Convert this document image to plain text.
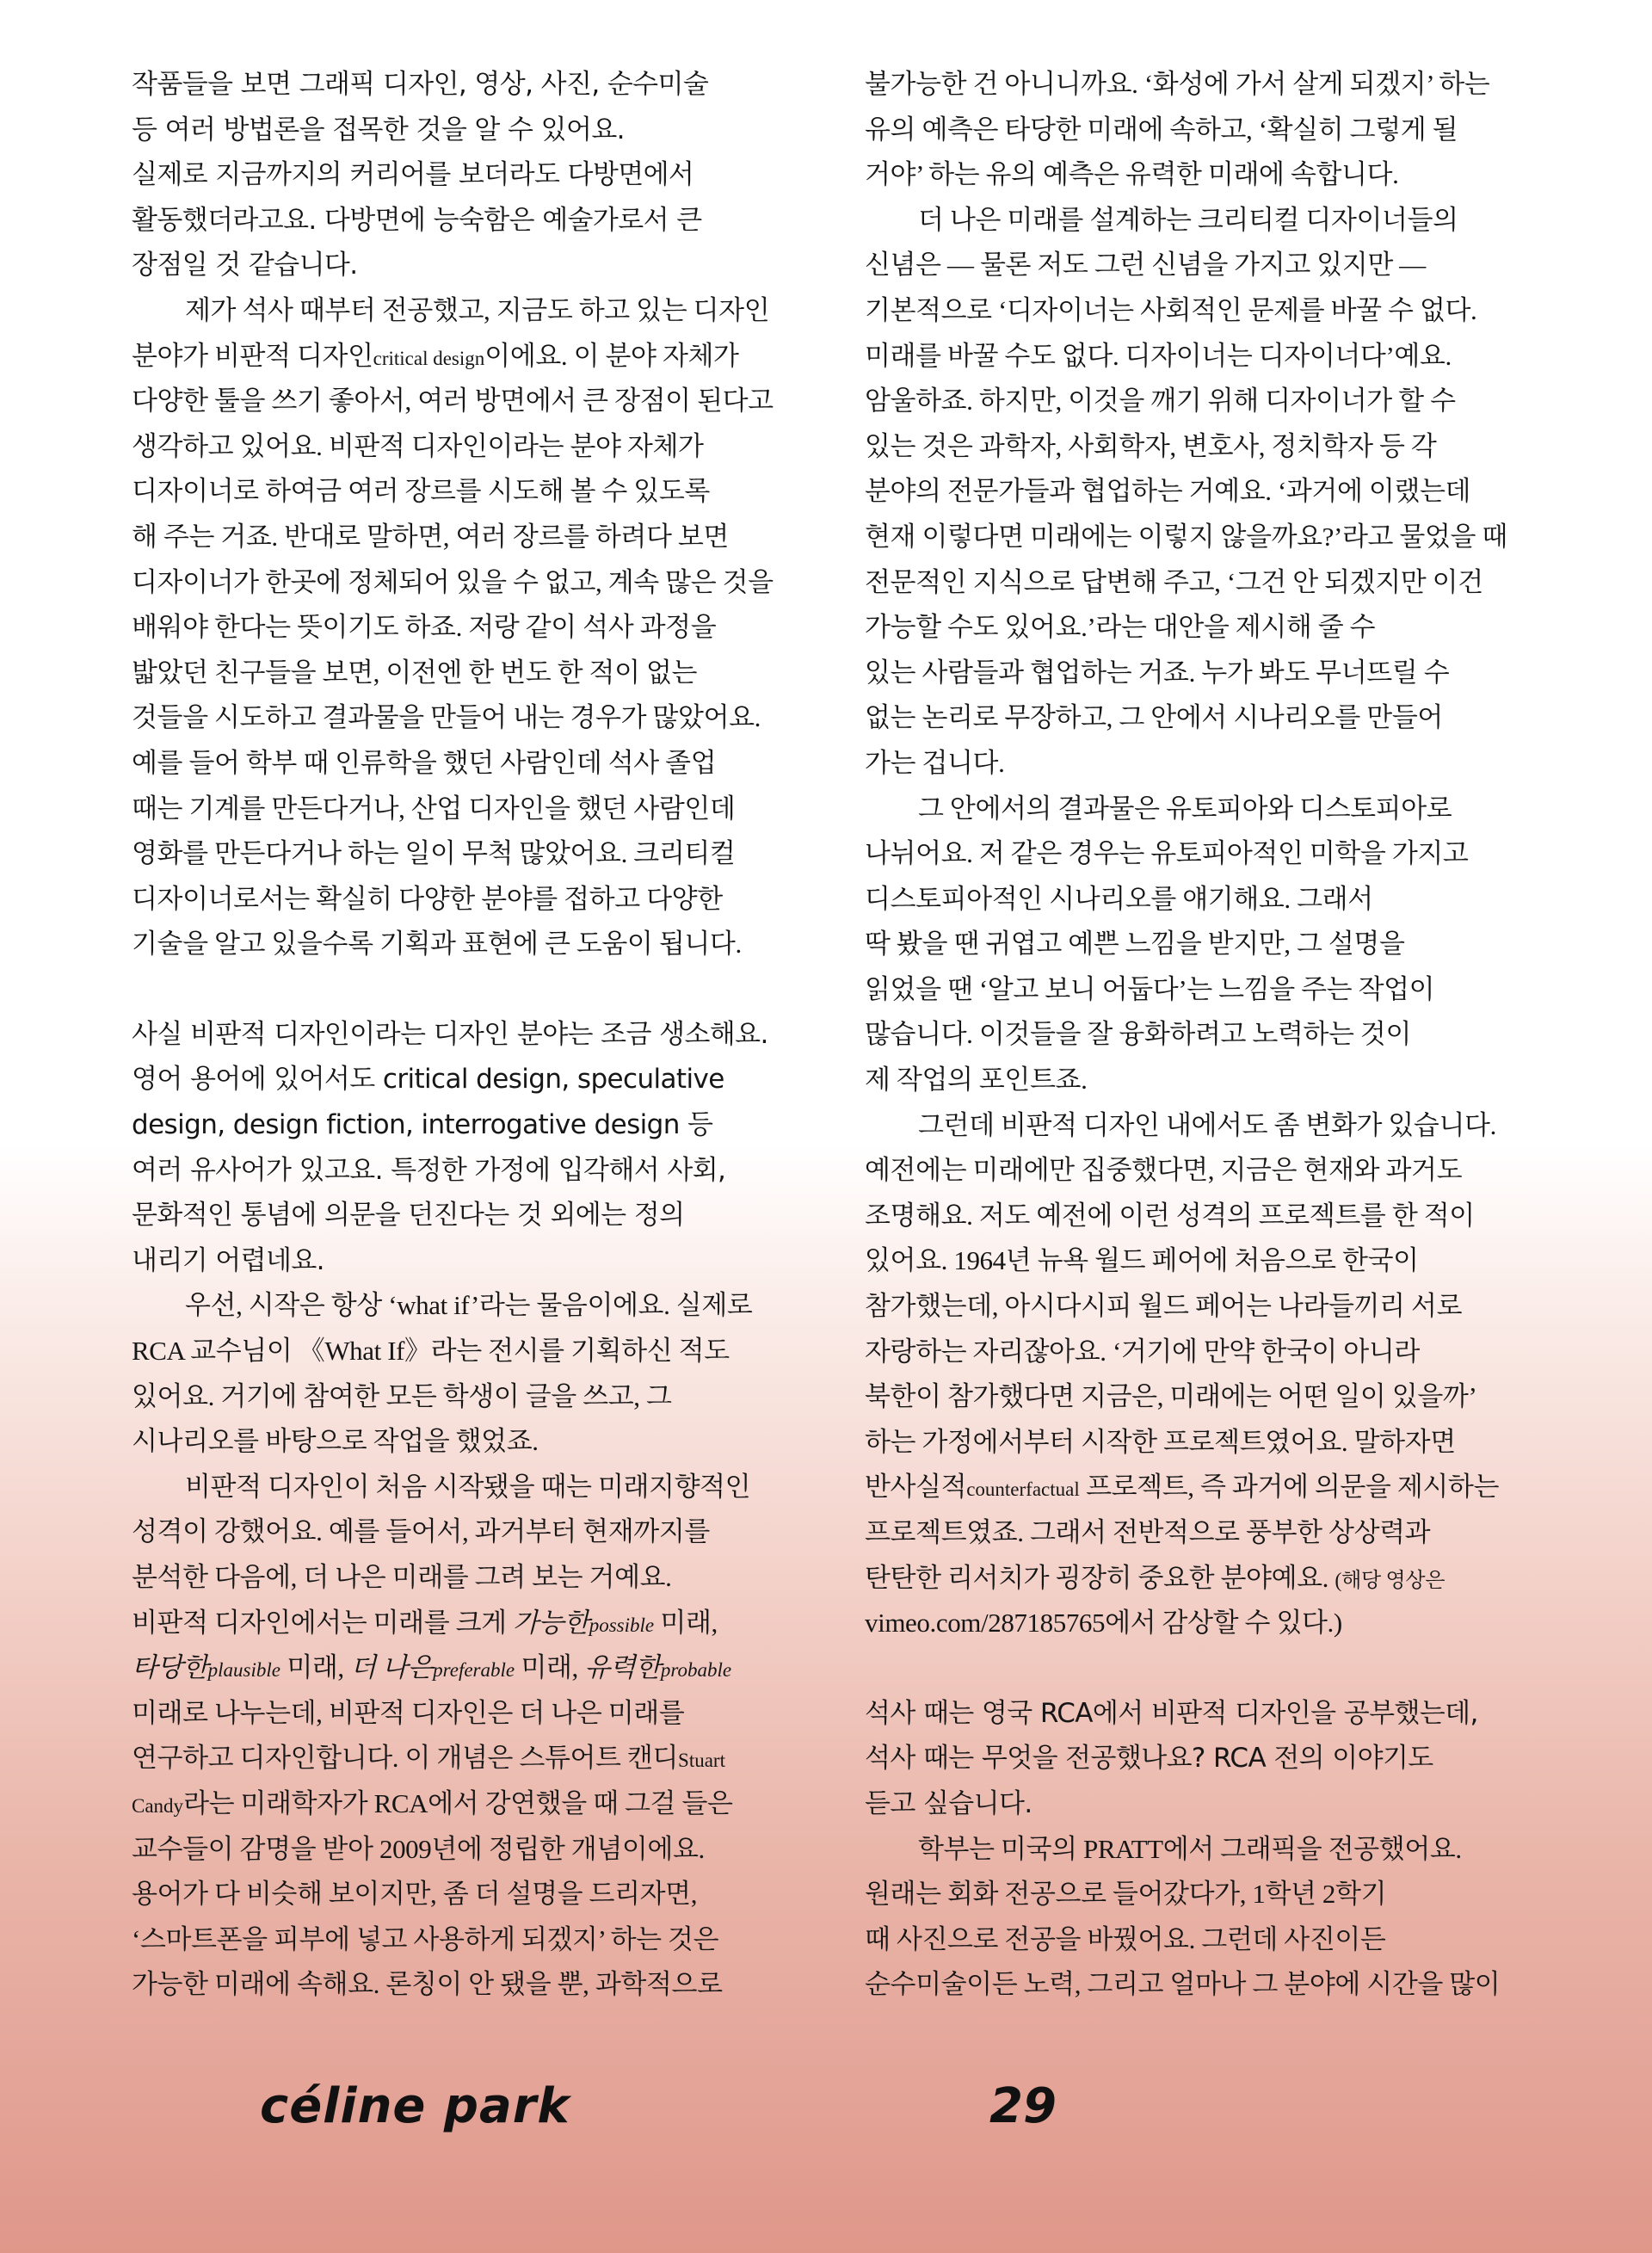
작품들을 보면 그래픽 디자인, 영상, 사진, 순수미술
등 여러 방법론을 접목한 것을 알 수 있어요.
실제로 지금까지의 커리어를 보더라도 다방면에서
활동했더라고요. 다방면에 능숙함은 예술가로서 큰
장점일 것 같습니다.
제가 석사 때부터 전공했고, 지금도 하고 있는 디자인
분야가 비판적 디자인critical design이에요. 이 분야 자체가
다양한 툴을 쓰기 좋아서, 여러 방면에서 큰 장점이 된다고
생각하고 있어요. 비판적 디자인이라는 분야 자체가
디자이너로 하여금 여러 장르를 시도해 볼 수 있도록
해 주는 거죠. 반대로 말하면, 여러 장르를 하려다 보면
디자이너가 한곳에 정체되어 있을 수 없고, 계속 많은 것을
배워야 한다는 뜻이기도 하죠. 저랑 같이 석사 과정을
밟았던 친구들을 보면, 이전엔 한 번도 한 적이 없는
것들을 시도하고 결과물을 만들어 내는 경우가 많았어요.
예를 들어 학부 때 인류학을 했던 사람인데 석사 졸업
때는 기계를 만든다거나, 산업 디자인을 했던 사람인데
영화를 만든다거나 하는 일이 무척 많았어요. 크리티컬
디자이너로서는 확실히 다양한 분야를 접하고 다양한
기술을 알고 있을수록 기획과 표현에 큰 도움이 됩니다.
사실 비판적 디자인이라는 디자인 분야는 조금 생소해요.
영어 용어에 있어서도 critical design, speculative
design, design fiction, interrogative design 등
여러 유사어가 있고요. 특정한 가정에 입각해서 사회,
문화적인 통념에 의문을 던진다는 것 외에는 정의
내리기 어렵네요.
우선, 시작은 항상 ‘what if’라는 물음이에요. 실제로
RCA 교수님이 《What If》라는 전시를 기획하신 적도
있어요. 거기에 참여한 모든 학생이 글을 쓰고, 그
시나리오를 바탕으로 작업을 했었죠.
비판적 디자인이 처음 시작됐을 때는 미래지향적인
성격이 강했어요. 예를 들어서, 과거부터 현재까지를
분석한 다음에, 더 나은 미래를 그려 보는 거예요.
비판적 디자인에서는 미래를 크게 가능한possible 미래,
타당한plausible 미래, 더 나은preferable 미래, 유력한probable
미래로 나누는데, 비판적 디자인은 더 나은 미래를
연구하고 디자인합니다. 이 개념은 스튜어트 캔디Stuart
Candy라는 미래학자가 RCA에서 강연했을 때 그걸 들은
교수들이 감명을 받아 2009년에 정립한 개념이에요.
용어가 다 비슷해 보이지만, 좀 더 설명을 드리자면,
‘스마트폰을 피부에 넣고 사용하게 되겠지’ 하는 것은
가능한 미래에 속해요. 론칭이 안 됐을 뿐, 과학적으로
불가능한 건 아니니까요. ‘화성에 가서 살게 되겠지’ 하는
유의 예측은 타당한 미래에 속하고, ‘확실히 그렇게 될
거야’ 하는 유의 예측은 유력한 미래에 속합니다.
더 나은 미래를 설계하는 크리티컬 디자이너들의
신념은 — 물론 저도 그런 신념을 가지고 있지만 —
기본적으로 ‘디자이너는 사회적인 문제를 바꿀 수 없다.
미래를 바꿀 수도 없다. 디자이너는 디자이너다’예요.
암울하죠. 하지만, 이것을 깨기 위해 디자이너가 할 수
있는 것은 과학자, 사회학자, 변호사, 정치학자 등 각
분야의 전문가들과 협업하는 거예요. ‘과거에 이랬는데
현재 이렇다면 미래에는 이렇지 않을까요?’라고 물었을 때
전문적인 지식으로 답변해 주고, ‘그건 안 되겠지만 이건
가능할 수도 있어요.’라는 대안을 제시해 줄 수
있는 사람들과 협업하는 거죠. 누가 봐도 무너뜨릴 수
없는 논리로 무장하고, 그 안에서 시나리오를 만들어
가는 겁니다.
그 안에서의 결과물은 유토피아와 디스토피아로
나뉘어요. 저 같은 경우는 유토피아적인 미학을 가지고
디스토피아적인 시나리오를 얘기해요. 그래서
딱 봤을 땐 귀엽고 예쁜 느낌을 받지만, 그 설명을
읽었을 땐 ‘알고 보니 어둡다’는 느낌을 주는 작업이
많습니다. 이것들을 잘 융화하려고 노력하는 것이
제 작업의 포인트죠.
그런데 비판적 디자인 내에서도 좀 변화가 있습니다.
예전에는 미래에만 집중했다면, 지금은 현재와 과거도
조명해요. 저도 예전에 이런 성격의 프로젝트를 한 적이
있어요. 1964년 뉴욕 월드 페어에 처음으로 한국이
참가했는데, 아시다시피 월드 페어는 나라들끼리 서로
자랑하는 자리잖아요. ‘거기에 만약 한국이 아니라
북한이 참가했다면 지금은, 미래에는 어떤 일이 있을까’
하는 가정에서부터 시작한 프로젝트였어요. 말하자면
반사실적counterfactual 프로젝트, 즉 과거에 의문을 제시하는
프로젝트였죠. 그래서 전반적으로 풍부한 상상력과
탄탄한 리서치가 굉장히 중요한 분야예요. (해당 영상은
vimeo.com/287185765에서 감상할 수 있다.)
석사 때는 영국 RCA에서 비판적 디자인을 공부했는데,
석사 때는 무엇을 전공했나요? RCA 전의 이야기도
듣고 싶습니다.
학부는 미국의 PRATT에서 그래픽을 전공했어요.
원래는 회화 전공으로 들어갔다가, 1학년 2학기
때 사진으로 전공을 바꿨어요. 그런데 사진이든
순수미술이든 노력, 그리고 얼마나 그 분야에 시간을 많이
céline park	29
